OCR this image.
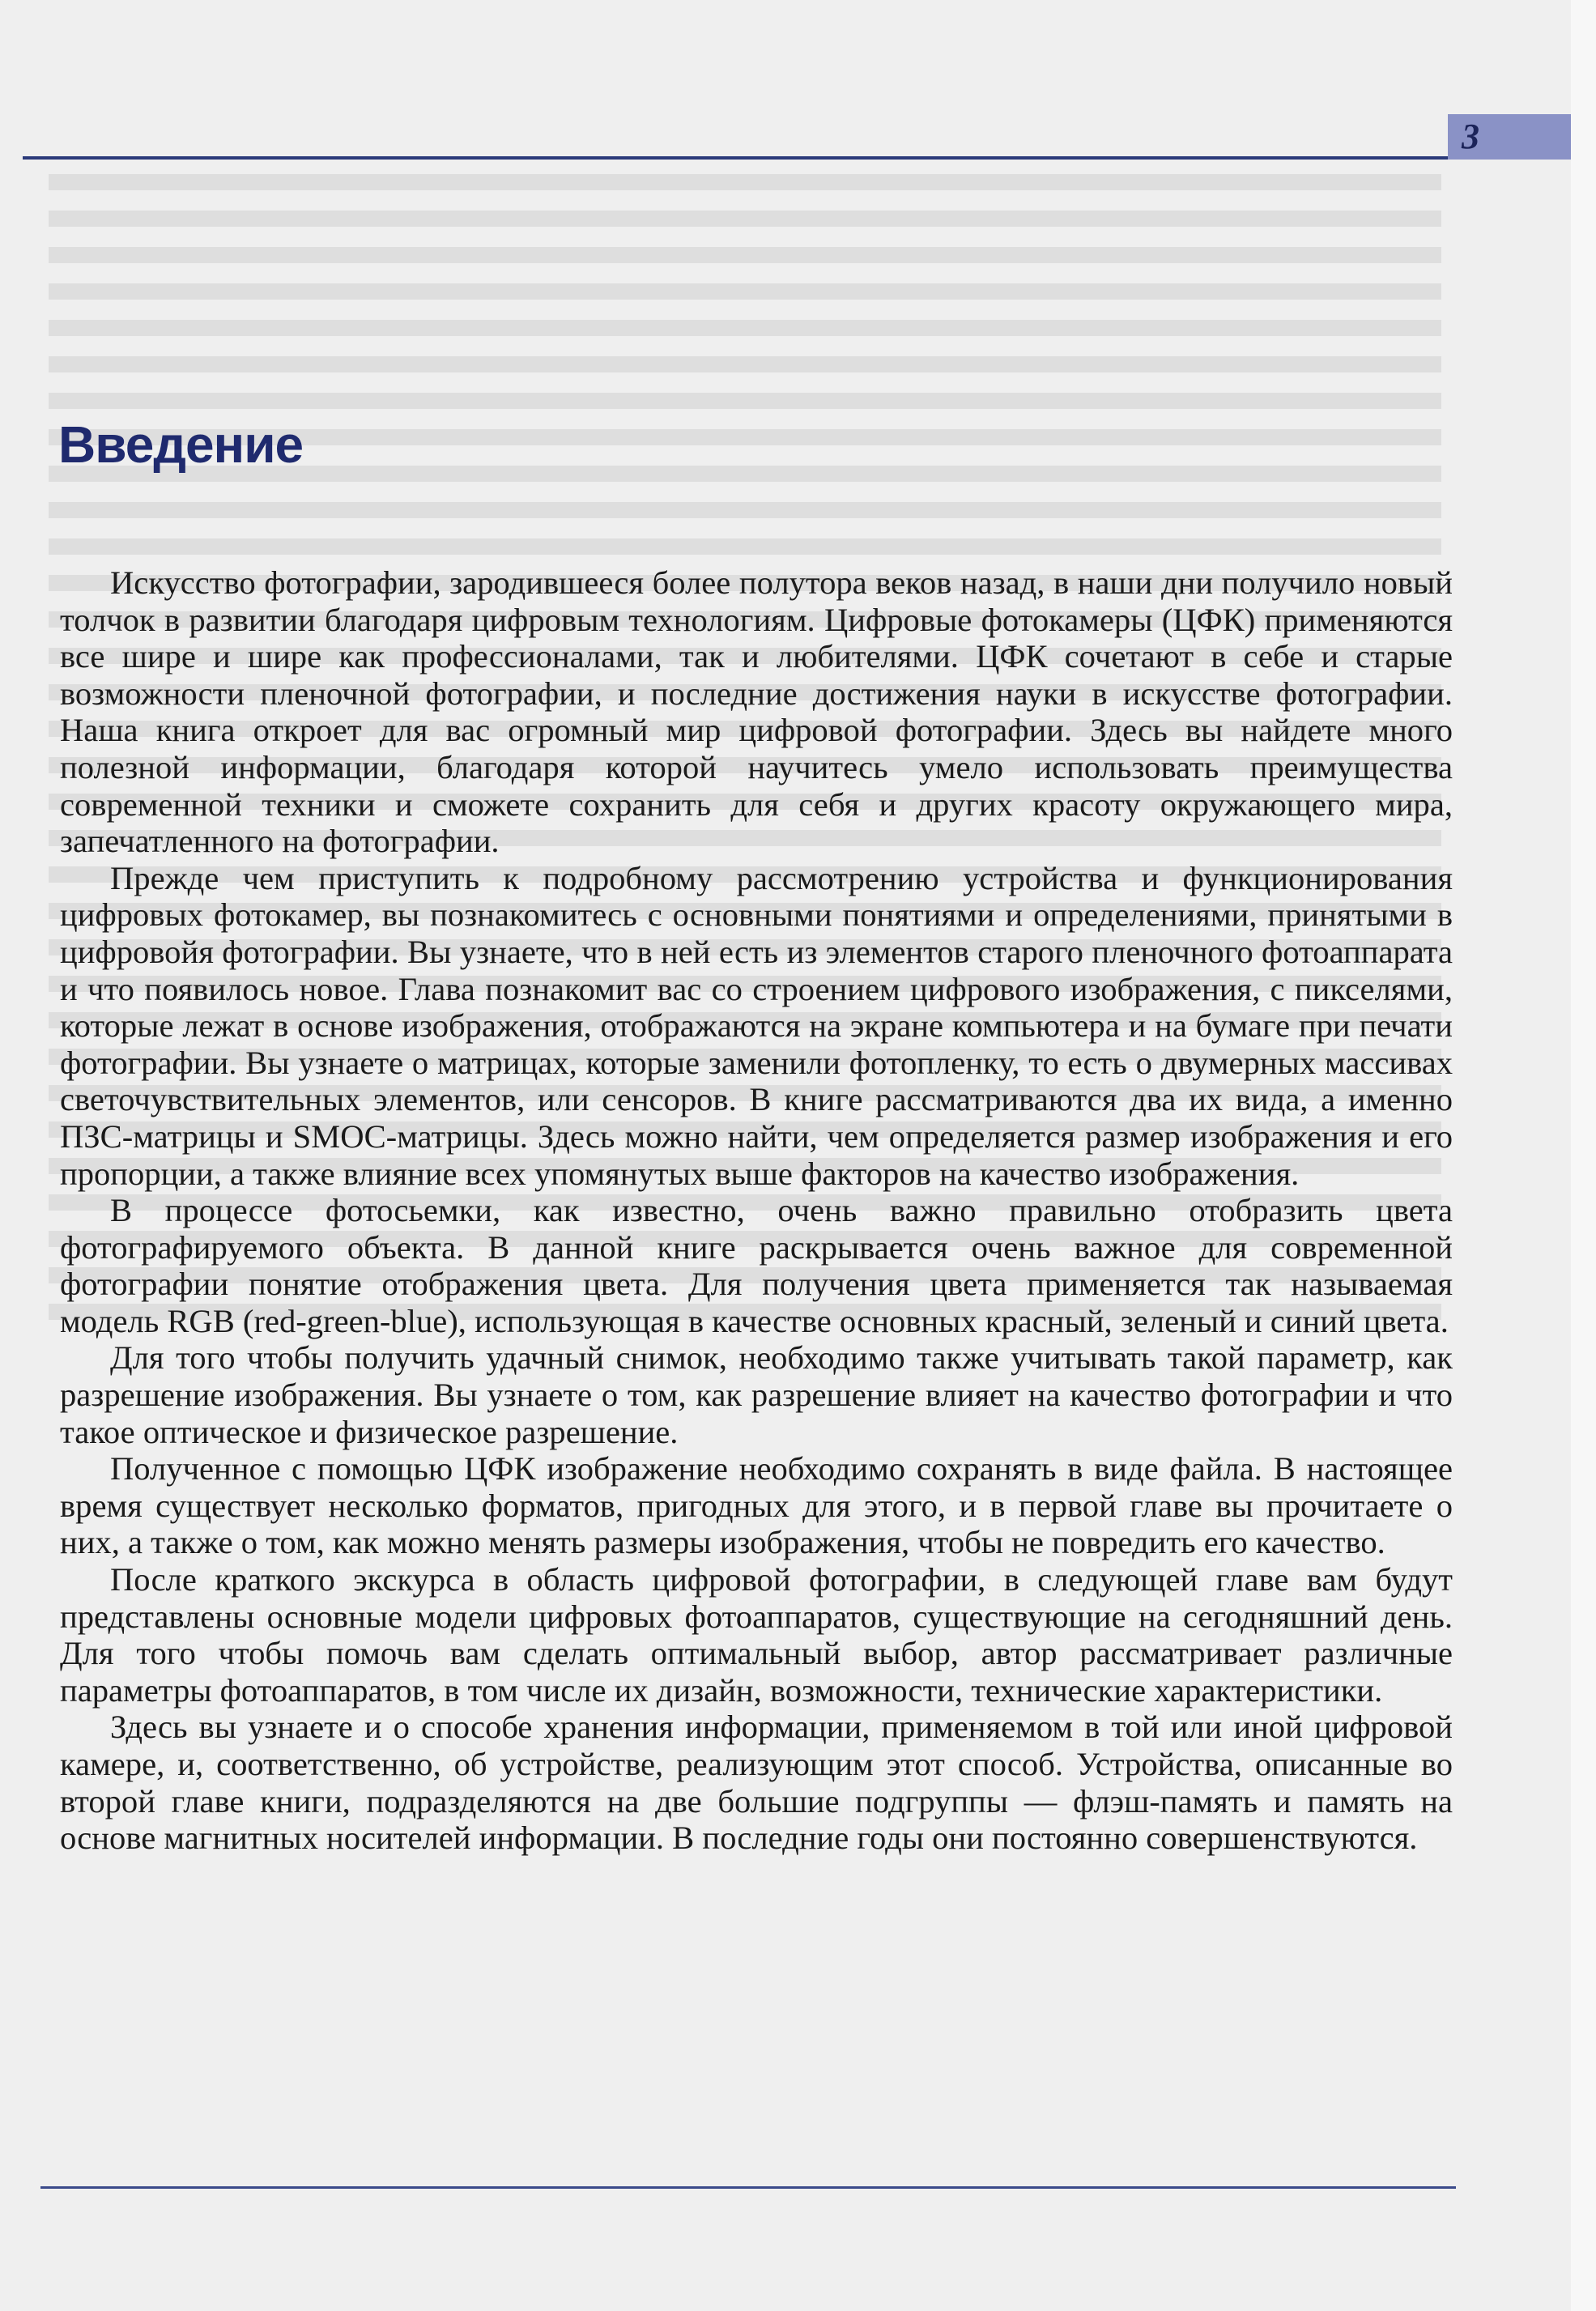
3
Введение

Искусство фотографии, зародившееся более полутора веков назад, в наши дни получило новый толчок в развитии благодаря цифровым технологиям. Цифровые фотокамеры (ЦФК) применяются все шире и шире как профессионалами, так и любителями. ЦФК сочетают в себе и старые возможности пленочной фотографии, и последние достижения науки в искусстве фотографии. Наша книга откроет для вас огромный мир цифровой фотографии. Здесь вы найдете много полезной информации, благодаря которой научитесь умело использовать преимущества современной техники и сможете сохранить для себя и других красоту окружающего мира, запечатленного на фотографии.

Прежде чем приступить к подробному рассмотрению устройства и функционирования цифровых фотокамер, вы познакомитесь с основными понятиями и определениями, принятыми в цифровойя фотографии. Вы узнаете, что в ней есть из элементов старого пленочного фотоаппарата и что появилось новое. Глава познакомит вас со строением цифрового изображения, с пикселями, которые лежат в основе изображения, отображаются на экране компьютера и на бумаге при печати фотографии. Вы узнаете о матрицах, которые заменили фотопленку, то есть о двумерных массивах светочувствительных элементов, или сенсоров. В книге рассматриваются два их вида, а именно ПЗС-матрицы и SMOC-матрицы. Здесь можно найти, чем определяется размер изображения и его пропорции, а также влияние всех упомянутых выше факторов на качество изображения.

В процессе фотосьемки, как известно, очень важно правильно отобразить цвета фотографируемого объекта. В данной книге раскрывается очень важное для современной фотографии понятие отображения цвета. Для получения цвета применяется так называемая модель RGB (red-green-blue), использующая в качестве основных красный, зеленый и синий цвета.

Для того чтобы получить удачный снимок, необходимо также учитывать такой параметр, как разрешение изображения. Вы узнаете о том, как разрешение влияет на качество фотографии и что такое оптическое и физическое разрешение.

Полученное с помощью ЦФК изображение необходимо сохранять в виде файла. В настоящее время существует несколько форматов, пригодных для этого, и в первой главе вы прочитаете о них, а также о том, как можно менять размеры изображения, чтобы не повредить его качество.

После краткого экскурса в область цифровой фотографии, в следующей главе вам будут представлены основные модели цифровых фотоаппаратов, существующие на сегодняшний день. Для того чтобы помочь вам сделать оптимальный выбор, автор рассматривает различные параметры фотоаппаратов, в том числе их дизайн, возможности, технические характеристики.

Здесь вы узнаете и о способе хранения информации, применяемом в той или иной цифровой камере, и, соответственно, об устройстве, реализующим этот способ. Устройства, описанные во второй главе книги, подразделяются на две большие подгруппы — флэш-память и память на основе магнитных носителей информации. В последние годы они постоянно совершенствуются.
